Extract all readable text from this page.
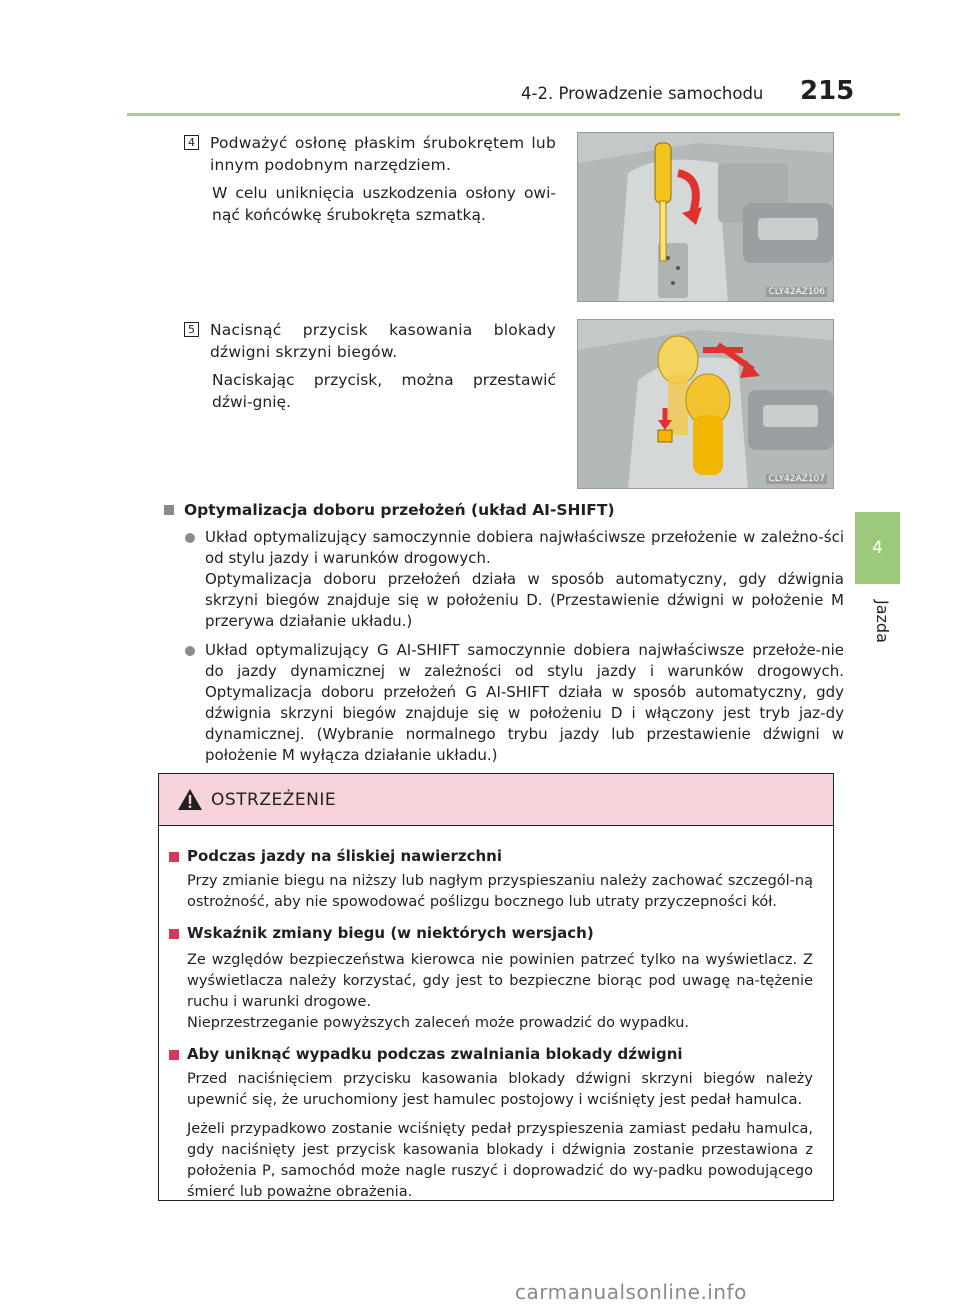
4-2. Prowadzenie samochodu 215
4
Jazda
4 Podważyć osłonę płaskim śrubokrętem lub innym podobnym narzędziem.
W celu uniknięcia uszkodzenia osłony owi-nąć końcówkę śrubokręta szmatką.
CLY42AZ106
5 Nacisnąć przycisk kasowania blokady dźwigni skrzyni biegów.
Naciskając przycisk, można przestawić dźwi-gnię.
CLY42AZ107
Optymalizacja doboru przełożeń (układ AI-SHIFT)
Układ optymalizujący samoczynnie dobiera najwłaściwsze przełożenie w zależno-ści od stylu jazdy i warunków drogowych.
Optymalizacja doboru przełożeń działa w sposób automatyczny, gdy dźwignia skrzyni biegów znajduje się w położeniu D. (Przestawienie dźwigni w położenie M przerywa działanie układu.)
Układ optymalizujący G AI-SHIFT samoczynnie dobiera najwłaściwsze przełoże-nie do jazdy dynamicznej w zależności od stylu jazdy i warunków drogowych. Optymalizacja doboru przełożeń G AI-SHIFT działa w sposób automatyczny, gdy dźwignia skrzyni biegów znajduje się w położeniu D i włączony jest tryb jaz-dy dynamicznej. (Wybranie normalnego trybu jazdy lub przestawienie dźwigni w położenie M wyłącza działanie układu.)
OSTRZEŻENIE
Podczas jazdy na śliskiej nawierzchni
Przy zmianie biegu na niższy lub nagłym przyspieszaniu należy zachować szczegól-ną ostrożność, aby nie spowodować poślizgu bocznego lub utraty przyczepności kół.
Wskaźnik zmiany biegu (w niektórych wersjach)
Ze względów bezpieczeństwa kierowca nie powinien patrzeć tylko na wyświetlacz. Z wyświetlacza należy korzystać, gdy jest to bezpieczne biorąc pod uwagę na-tężenie ruchu i warunki drogowe.
Nieprzestrzeganie powyższych zaleceń może prowadzić do wypadku.
Aby uniknąć wypadku podczas zwalniania blokady dźwigni
Przed naciśnięciem przycisku kasowania blokady dźwigni skrzyni biegów należy upewnić się, że uruchomiony jest hamulec postojowy i wciśnięty jest pedał hamulca.
Jeżeli przypadkowo zostanie wciśnięty pedał przyspieszenia zamiast pedału hamulca, gdy naciśnięty jest przycisk kasowania blokady i dźwignia zostanie przestawiona z położenia P, samochód może nagle ruszyć i doprowadzić do wy-padku powodującego śmierć lub poważne obrażenia.
carmanualsonline.info
